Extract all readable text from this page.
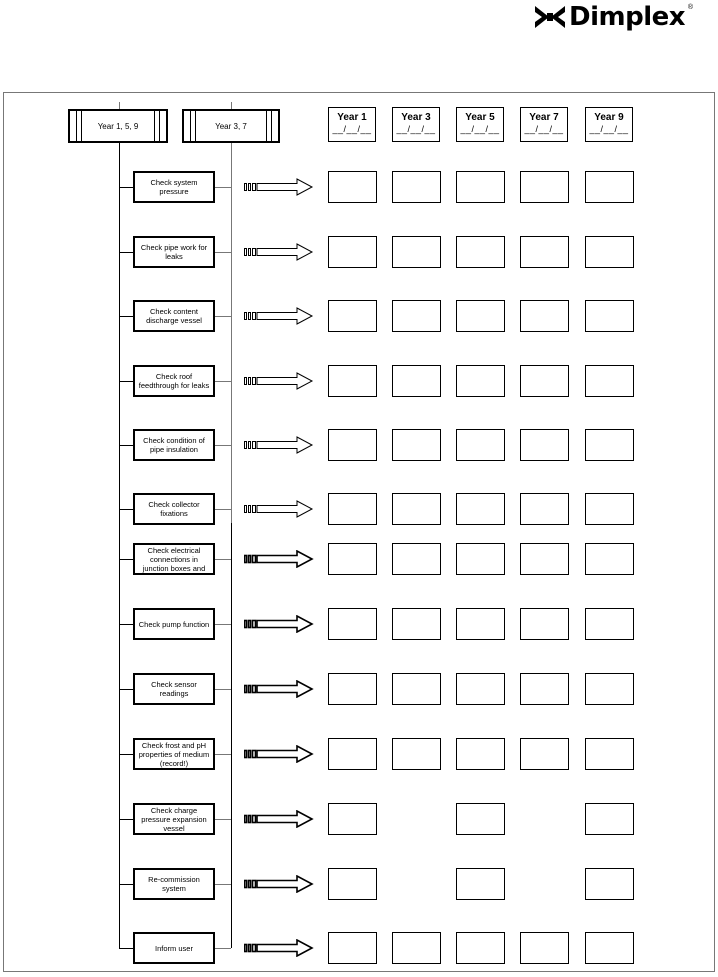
Dimplex ®
Year 1, 5, 9	Year 3, 7
Year 1
__/__/__
Year 3
__/__/__
Year 5
__/__/__
Year 7
__/__/__
Year 9
__/__/__
Check system pressure
Check pipe work for leaks
Check content discharge vessel
Check roof feedthrough for leaks
Check condition of pipe insulation
Check collector fixations
Check electrical connections in junction boxes and
Check pump function
Check sensor readings
Check frost and pH properties of medium (record!)
Check charge pressure expansion vessel
Re-commission system
Inform user
